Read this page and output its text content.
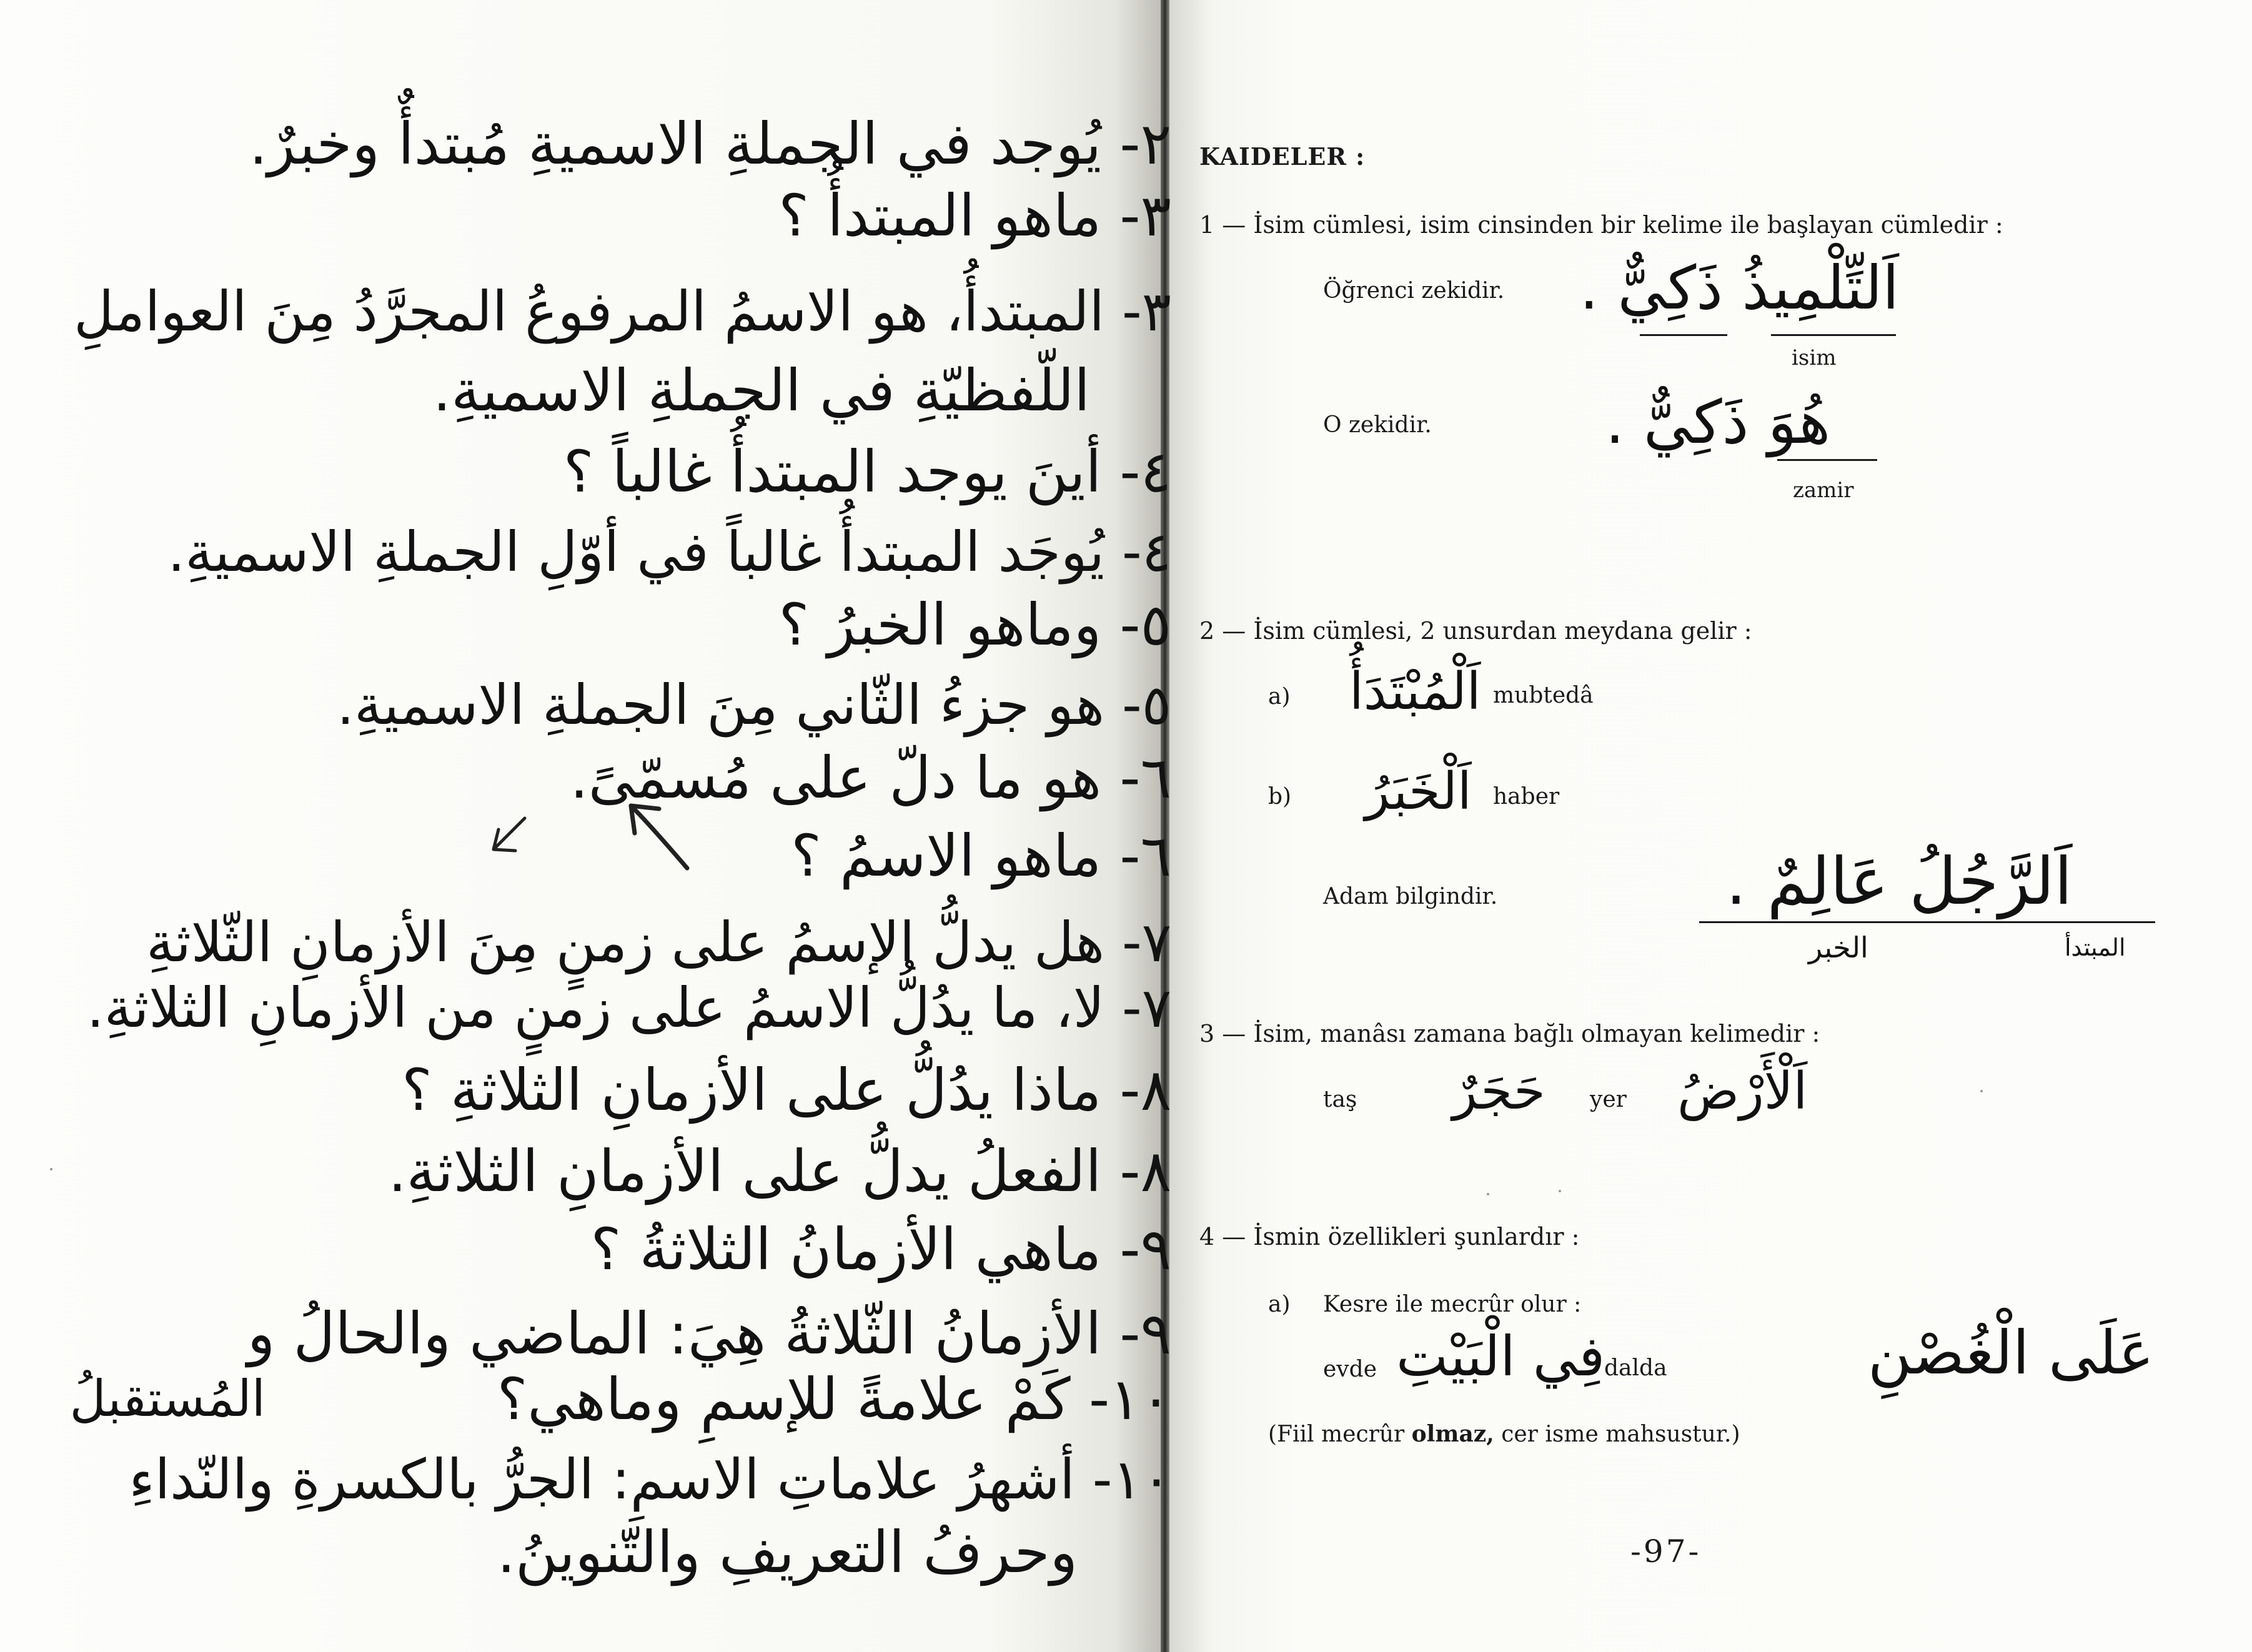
٢- يُوجد في الجملةِ الاسميةِ مُبتدأٌ وخبرٌ.
٣- ماهو المبتدأُ ؟
٣- المبتدأُ، هو الاسمُ المرفوعُ المجرَّدُ مِنَ العواملِ
اللّفظيّةِ في الجملةِ الاسميةِ.
٤- أينَ يوجد المبتدأُ غالباً ؟
٤- يُوجَد المبتدأُ غالباً في أوّلِ الجملةِ الاسميةِ.
٥- وماهو الخبرُ ؟
٥- هو جزءُ الثّاني مِنَ الجملةِ الاسميةِ.
٦- هو ما دلّ على مُسمّىً.
٦- ماهو الاسمُ ؟
٧- هل يدلُّ الإسمُ على زمنٍ مِنَ الأزمانِ الثّلاثةِ
٧- لا، ما يدُلُّ الاسمُ على زمنٍ من الأزمانِ الثلاثةِ.
٨- ماذا يدُلُّ على الأزمانِ الثلاثةِ ؟
٨- الفعلُ يدلُّ على الأزمانِ الثلاثةِ.
٩- ماهي الأزمانُ الثلاثةُ ؟
٩- الأزمانُ الثّلاثةُ هِيَ: الماضي والحالُ و
المُستقبلُ	١٠- كَمْ علامةً للإسمِ وماهي؟
١٠- أشهرُ علاماتِ الاسمِ: الجرُّ بالكسرةِ والنّداءِ
وحرفُ التعريفِ والتّنوينُ.
KAIDELER :
1 — İsim cümlesi, isim cinsinden bir kelime ile başlayan cümledir :
Öğrenci zekidir. اَلتِّلْمِيذُ ذَكِيٌّ .
isim
O zekidir.	هُوَ ذَكِيٌّ .
zamir
2 — İsim cümlesi, 2 unsurdan meydana gelir :
a) اَلْمُبْتَدَأُ mubtedâ
b) اَلْخَبَرُ haber
Adam bilgindir.	اَلرَّجُلُ عَالِمٌ .
الخبر	المبتدأ
3 — İsim, manâsı zamana bağlı olmayan kelimedir :
taş حَجَرٌ yer اَلْأَرْضُ
4 — İsmin özellikleri şunlardır :
a) Kesre ile mecrûr olur :
evde فِي الْبَيْتِ
dalda	عَلَى الْغُصْنِ
(Fiil mecrûr olmaz, cer isme mahsustur.)
-97-
